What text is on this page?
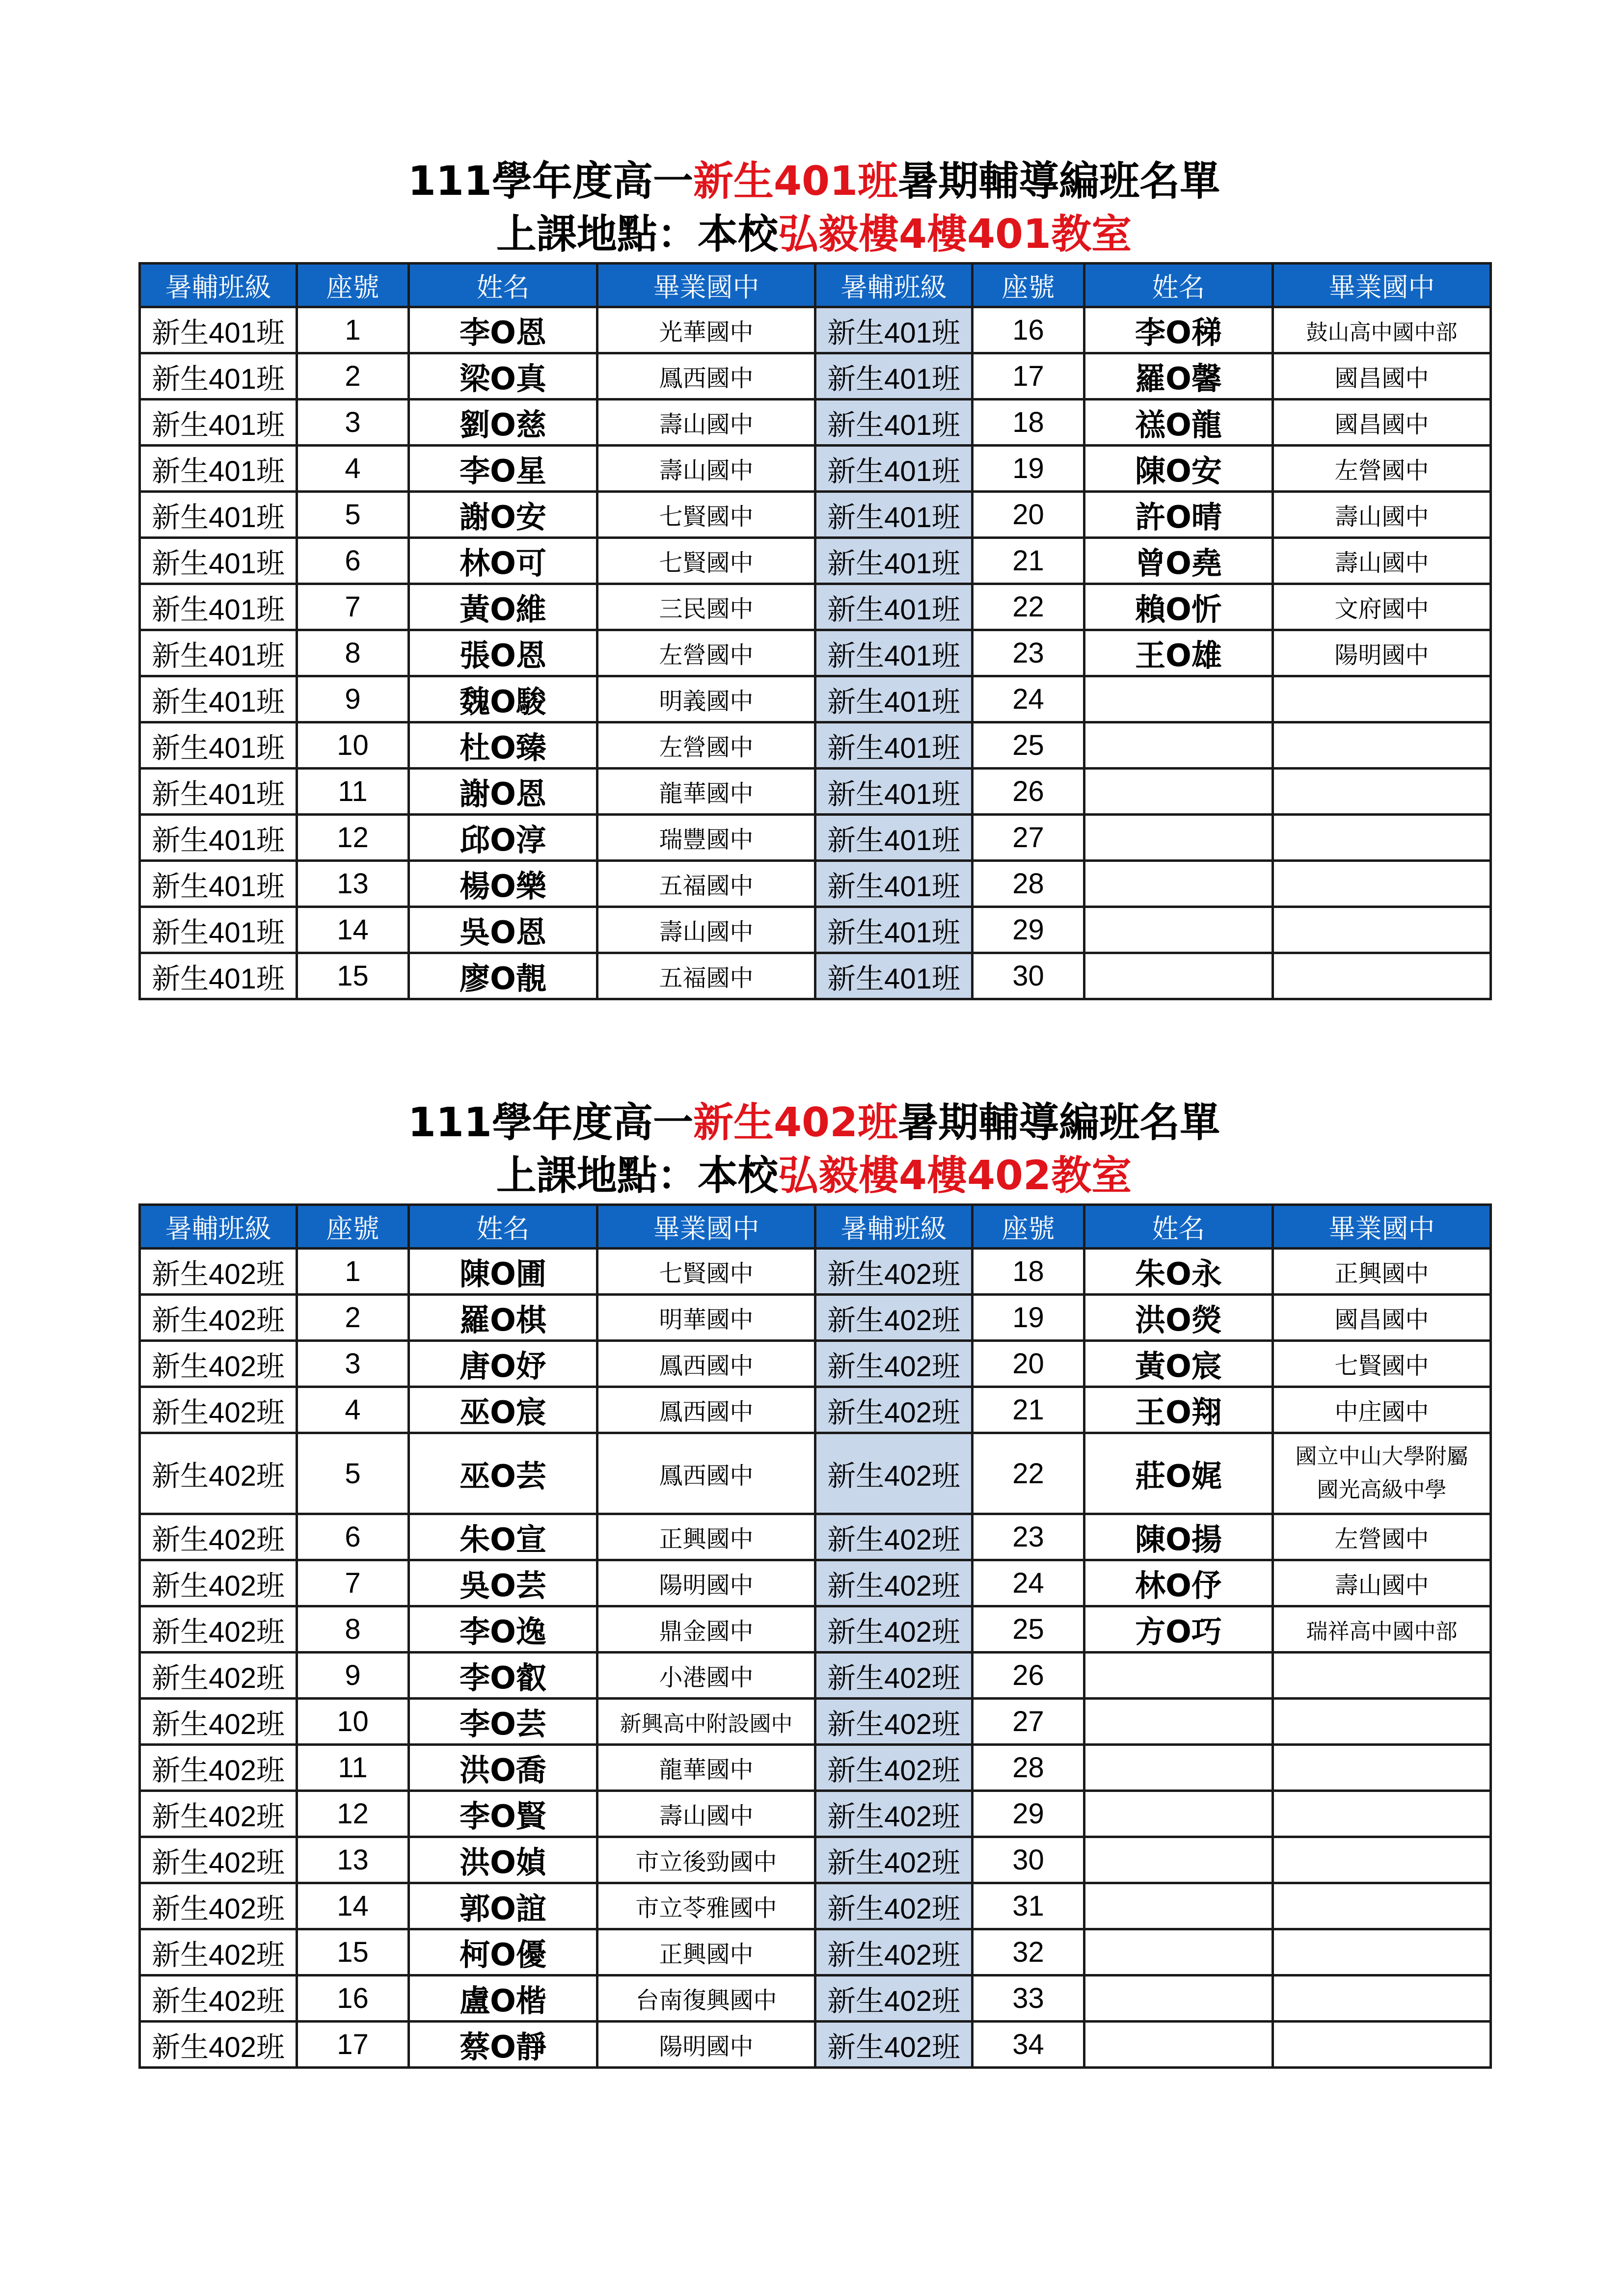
111學年度高一新生401班暑期輔導編班名單
上課地點：本校弘毅樓4樓401教室
暑輔班級	座號	姓名	畢業國中	暑輔班級	座號	姓名	畢業國中
新生401班	1	李O恩	光華國中	新生401班	16	李O稊	鼓山高中國中部
新生401班	2	梁O真	鳳西國中	新生401班	17	羅O馨	國昌國中
新生401班	3	劉O慈	壽山國中	新生401班	18	禚O龍	國昌國中
新生401班	4	李O星	壽山國中	新生401班	19	陳O安	左營國中
新生401班	5	謝O安	七賢國中	新生401班	20	許O晴	壽山國中
新生401班	6	林O可	七賢國中	新生401班	21	曾O堯	壽山國中
新生401班	7	黃O維	三民國中	新生401班	22	賴O忻	文府國中
新生401班	8	張O恩	左營國中	新生401班	23	王O雄	陽明國中
新生401班	9	魏O駿	明義國中	新生401班	24		
新生401班	10	杜O臻	左營國中	新生401班	25		
新生401班	11	謝O恩	龍華國中	新生401班	26		
新生401班	12	邱O淳	瑞豐國中	新生401班	27		
新生401班	13	楊O樂	五福國中	新生401班	28		
新生401班	14	吳O恩	壽山國中	新生401班	29		
新生401班	15	廖O靚	五福國中	新生401班	30		
111學年度高一新生402班暑期輔導編班名單
上課地點：本校弘毅樓4樓402教室
暑輔班級	座號	姓名	畢業國中	暑輔班級	座號	姓名	畢業國中
新生402班	1	陳O圃	七賢國中	新生402班	18	朱O永	正興國中
新生402班	2	羅O棋	明華國中	新生402班	19	洪O熒	國昌國中
新生402班	3	唐O妤	鳳西國中	新生402班	20	黃O宸	七賢國中
新生402班	4	巫O宸	鳳西國中	新生402班	21	王O翔	中庄國中
新生402班	5	巫O芸	鳳西國中	新生402班	22	莊O娓	國立中山大學附屬
國光高級中學
新生402班	6	朱O宣	正興國中	新生402班	23	陳O揚	左營國中
新生402班	7	吳O芸	陽明國中	新生402班	24	林O伃	壽山國中
新生402班	8	李O逸	鼎金國中	新生402班	25	方O巧	瑞祥高中國中部
新生402班	9	李O叡	小港國中	新生402班	26		
新生402班	10	李O芸	新興高中附設國中	新生402班	27		
新生402班	11	洪O喬	龍華國中	新生402班	28		
新生402班	12	李O賢	壽山國中	新生402班	29		
新生402班	13	洪O媜	市立後勁國中	新生402班	30		
新生402班	14	郭O誼	市立苓雅國中	新生402班	31		
新生402班	15	柯O優	正興國中	新生402班	32		
新生402班	16	盧O楷	台南復興國中	新生402班	33		
新生402班	17	蔡O靜	陽明國中	新生402班	34		
